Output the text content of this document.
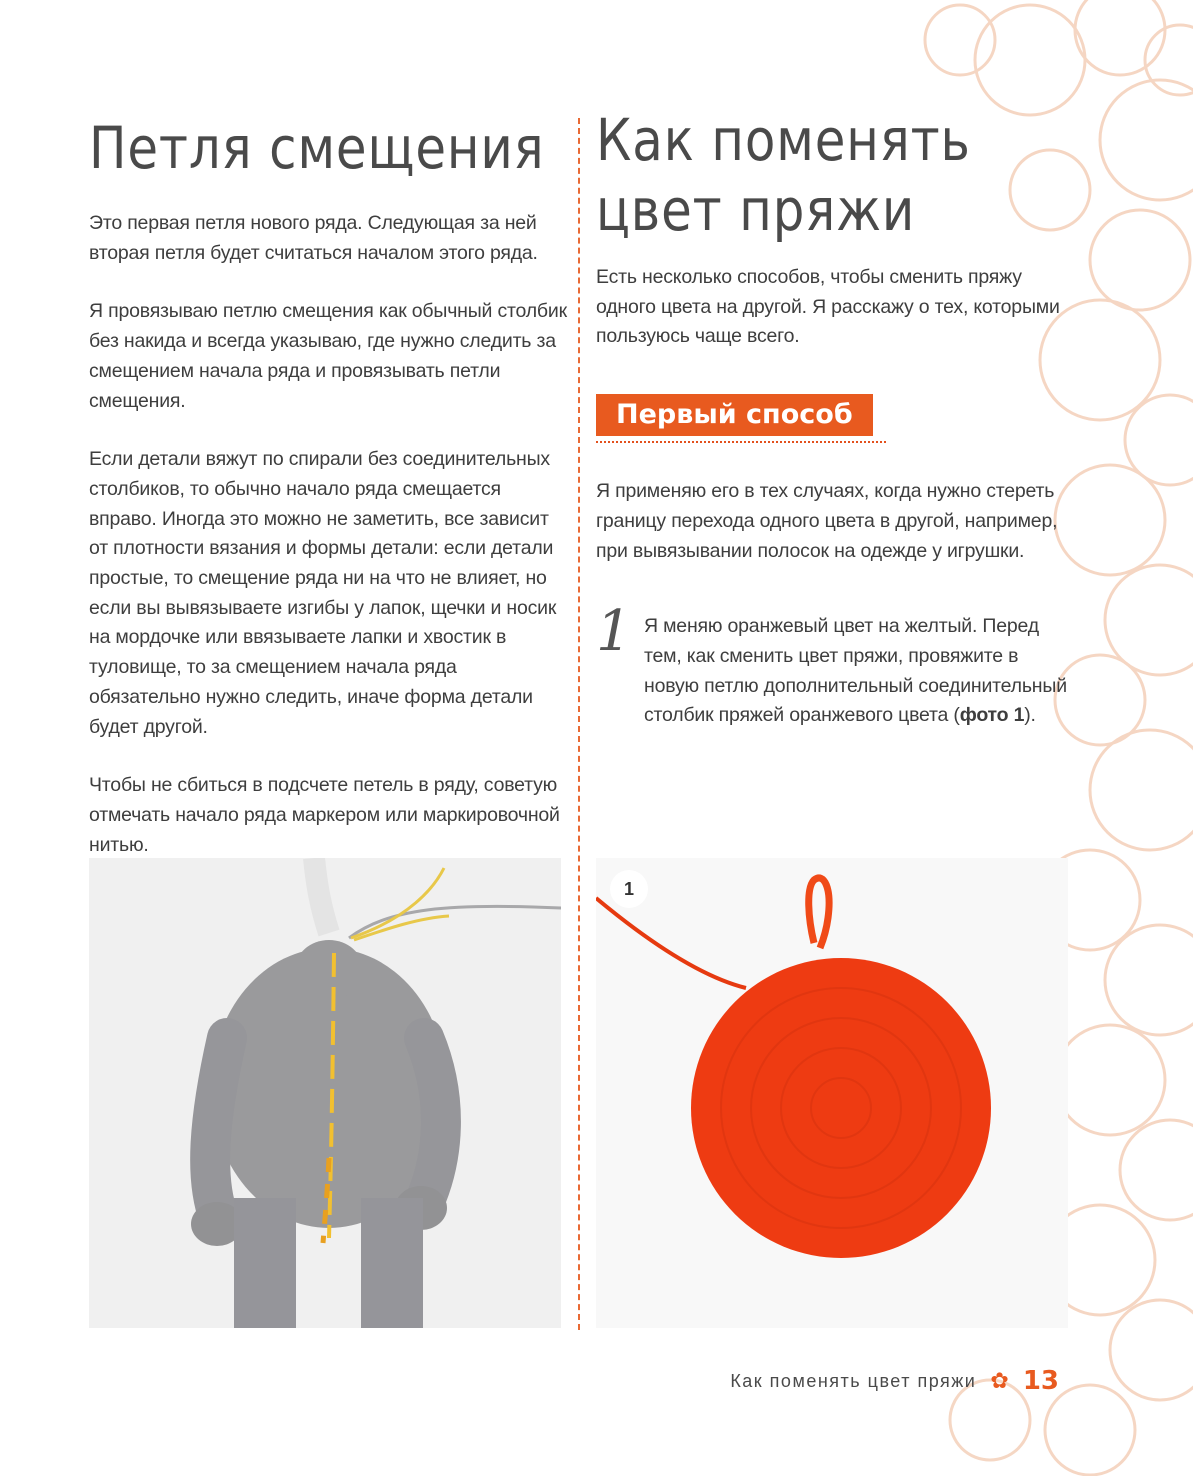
Петля смещения

Это первая петля нового ряда. Следующая за ней вторая петля будет считаться началом этого ряда.

Я провязываю петлю смещения как обычный столбик без накида и всегда указываю, где нужно следить за смещением начала ряда и провязывать петли смещения.

Если детали вяжут по спирали без соединительных столбиков, то обычно начало ряда смещается вправо. Иногда это можно не заметить, все зависит от плотности вязания и формы детали: если детали простые, то смещение ряда ни на что не влияет, но если вы вывязываете изгибы у лапок, щечки и носик на мордочке или ввязываете лапки и хвостик в туловище, то за смещением начала ряда обязательно нужно следить, иначе форма детали будет другой.

Чтобы не сбиться в подсчете петель в ряду, советую отмечать начало ряда маркером или маркировочной нитью.

Как поменять
цвет пряжи

Есть несколько способов, чтобы сменить пряжу одного цвета на другой. Я расскажу о тех, которыми пользуюсь чаще всего.

Первый способ

Я применяю его в тех случаях, когда нужно стереть границу перехода одного цвета в другой, например, при вывязывании полосок на одежде у игрушки.

1 Я меняю оранжевый цвет на желтый. Перед тем, как сменить цвет пряжи, провяжите в новую петлю дополнительный соединительный столбик пряжей оранжевого цвета (фото 1).

1
Как поменять цвет пряжи ✿ 13
